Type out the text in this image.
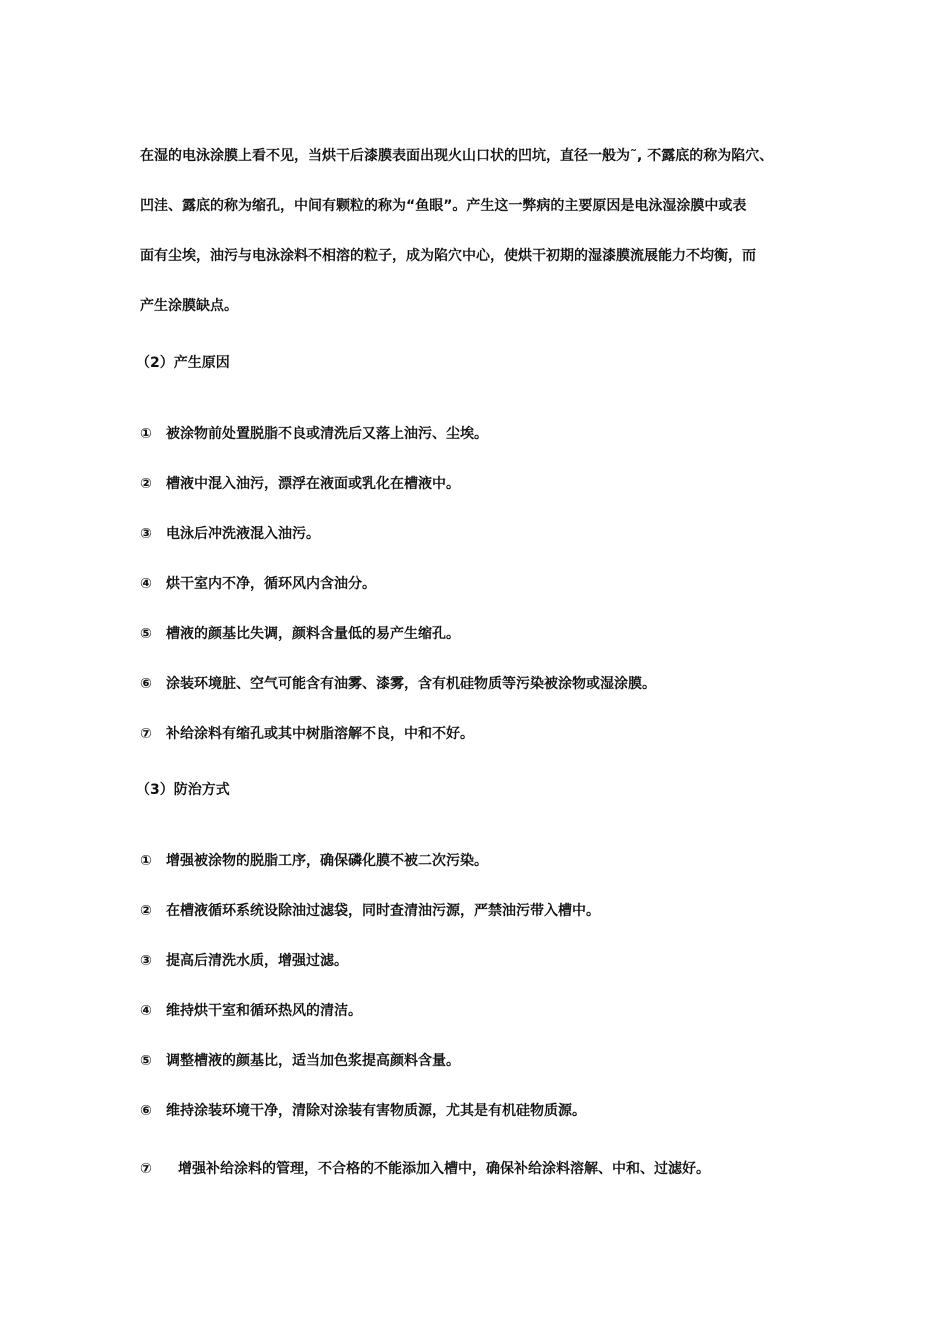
在湿的电泳涂膜上看不见，当烘干后漆膜表面出现火山口状的凹坑，直径一般为˜, 不露底的称为陷穴、
凹洼、露底的称为缩孔，中间有颗粒的称为“鱼眼”。产生这一弊病的主要原因是电泳湿涂膜中或表
面有尘埃，油污与电泳涂料不相溶的粒子，成为陷穴中心，使烘干初期的湿漆膜流展能力不均衡，而
产生涂膜缺点。
（2）产生原因
①	被涂物前处置脱脂不良或清洗后又落上油污、尘埃。
②	槽液中混入油污，漂浮在液面或乳化在槽液中。
③	电泳后冲洗液混入油污。
④	烘干室内不净，循环风内含油分。
⑤	槽液的颜基比失调，颜料含量低的易产生缩孔。
⑥	涂装环境脏、空气可能含有油雾、漆雾，含有机硅物质等污染被涂物或湿涂膜。
⑦	补给涂料有缩孔或其中树脂溶解不良，中和不好。
（3）防治方式
①	增强被涂物的脱脂工序，确保磷化膜不被二次污染。
②	在槽液循环系统设除油过滤袋，同时查清油污源，严禁油污带入槽中。
③	提高后清洗水质，增强过滤。
④	维持烘干室和循环热风的清洁。
⑤	调整槽液的颜基比，适当加色浆提高颜料含量。
⑥	维持涂装环境干净，清除对涂装有害物质源，尤其是有机硅物质源。
⑦	增强补给涂料的管理，不合格的不能添加入槽中，确保补给涂料溶解、中和、过滤好。
